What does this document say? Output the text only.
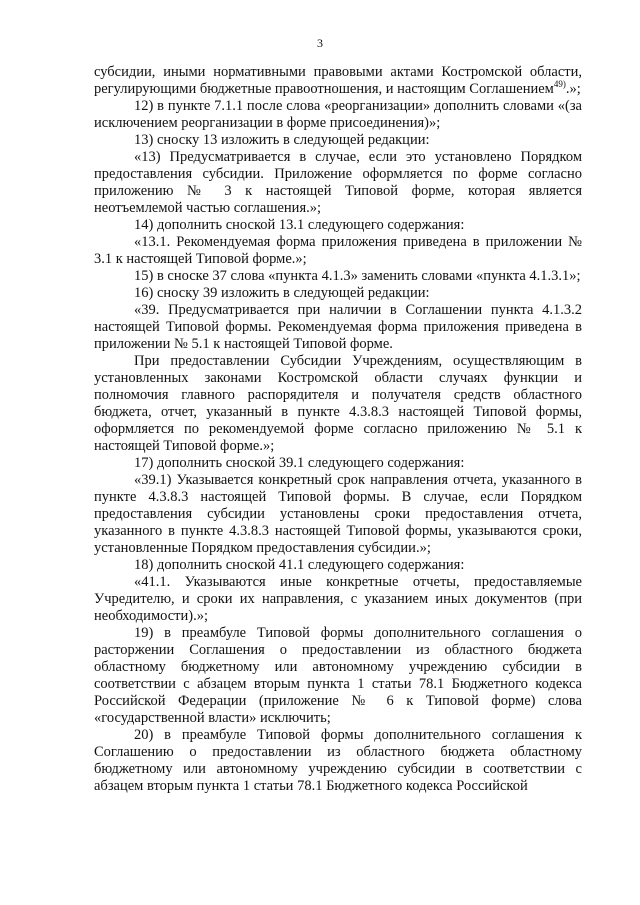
3

субсидии, иными нормативными правовыми актами Костромской области, регулирующими бюджетные правоотношения, и настоящим Соглашением$^{49)}$.»;

12) в пункте 7.1.1 после слова «реорганизации» дополнить словами «(за исключением реорганизации в форме присоединения)»;

13) сноску 13 изложить в следующей редакции:

«13) Предусматривается в случае, если это установлено Порядком предоставления субсидии. Приложение оформляется по форме согласно приложению № 3 к настоящей Типовой форме, которая является неотъемлемой частью соглашения.»;

14) дополнить сноской 13.1 следующего содержания:

«13.1. Рекомендуемая форма приложения приведена в приложении № 3.1 к настоящей Типовой форме.»;

15) в сноске 37 слова «пункта 4.1.3» заменить словами «пункта 4.1.3.1»;

16) сноску 39 изложить в следующей редакции:

«39. Предусматривается при наличии в Соглашении пункта 4.1.3.2 настоящей Типовой формы. Рекомендуемая форма приложения приведена в приложении № 5.1 к настоящей Типовой форме.

При предоставлении Субсидии Учреждениям, осуществляющим в установленных законами Костромской области случаях функции и полномочия главного распорядителя и получателя средств областного бюджета, отчет, указанный в пункте 4.3.8.3 настоящей Типовой формы, оформляется по рекомендуемой форме согласно приложению № 5.1 к настоящей Типовой форме.»;

17) дополнить сноской 39.1 следующего содержания:

«39.1) Указывается конкретный срок направления отчета, указанного в пункте 4.3.8.3 настоящей Типовой формы. В случае, если Порядком предоставления субсидии установлены сроки предоставления отчета, указанного в пункте 4.3.8.3 настоящей Типовой формы, указываются сроки, установленные Порядком предоставления субсидии.»;

18) дополнить сноской 41.1 следующего содержания:

«41.1. Указываются иные конкретные отчеты, предоставляемые Учредителю, и сроки их направления, с указанием иных документов (при необходимости).»;

19) в преамбуле Типовой формы дополнительного соглашения о расторжении Соглашения о предоставлении из областного бюджета областному бюджетному или автономному учреждению субсидии в соответствии с абзацем вторым пункта 1 статьи 78.1 Бюджетного кодекса Российской Федерации (приложение № 6 к Типовой форме) слова «государственной власти» исключить;

20) в преамбуле Типовой формы дополнительного соглашения к Соглашению о предоставлении из областного бюджета областному бюджетному или автономному учреждению субсидии в соответствии с абзацем вторым пункта 1 статьи 78.1 Бюджетного кодекса Российской
